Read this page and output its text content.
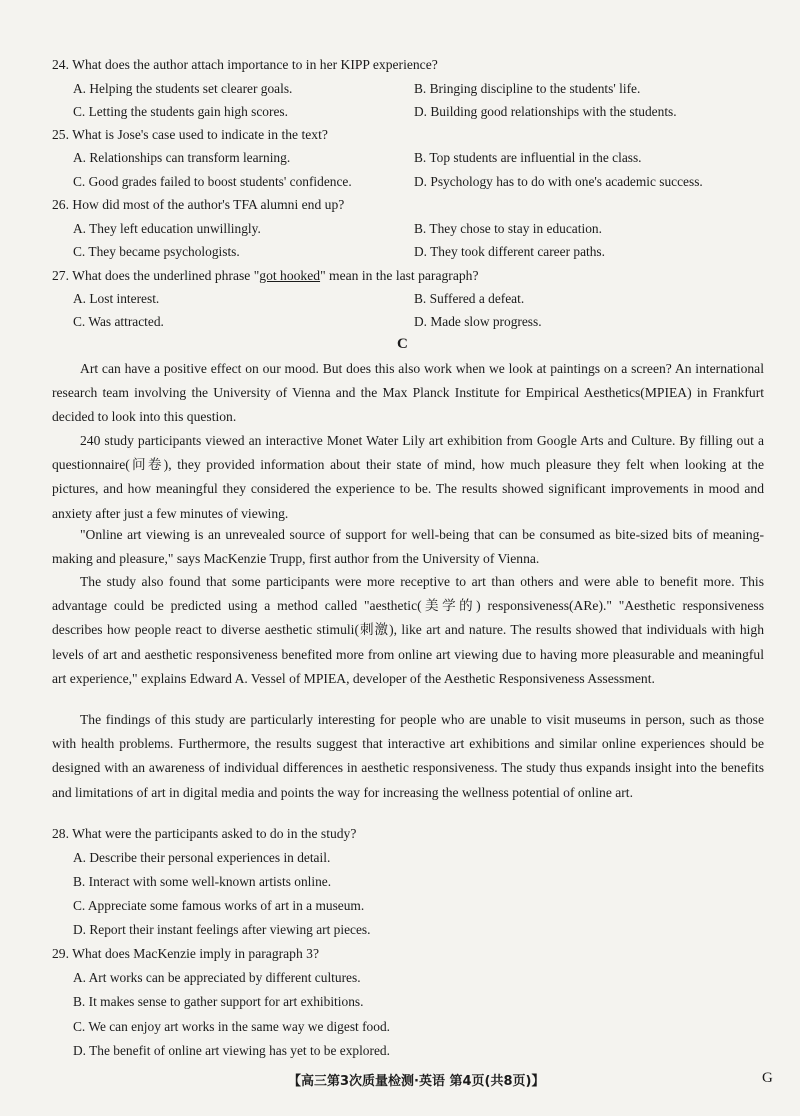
24. What does the author attach importance to in her KIPP experience?
A. Helping the students set clearer goals.	B. Bringing discipline to the students' life.
C. Letting the students gain high scores.	D. Building good relationships with the students.
25. What is Jose's case used to indicate in the text?
A. Relationships can transform learning.	B. Top students are influential in the class.
C. Good grades failed to boost students' confidence.	D. Psychology has to do with one's academic success.
26. How did most of the author's TFA alumni end up?
A. They left education unwillingly.	B. They chose to stay in education.
C. They became psychologists.	D. They took different career paths.
27. What does the underlined phrase "got hooked" mean in the last paragraph?
A. Lost interest.	B. Suffered a defeat.
C. Was attracted.	D. Made slow progress.
C
Art can have a positive effect on our mood. But does this also work when we look at paintings on a screen? An international research team involving the University of Vienna and the Max Planck Institute for Empirical Aesthetics(MPIEA) in Frankfurt decided to look into this question.
240 study participants viewed an interactive Monet Water Lily art exhibition from Google Arts and Culture. By filling out a questionnaire(问卷), they provided information about their state of mind, how much pleasure they felt when looking at the pictures, and how meaningful they considered the experience to be. The results showed significant improvements in mood and anxiety after just a few minutes of viewing.
"Online art viewing is an unrevealed source of support for well-being that can be consumed as bite-sized bits of meaning-making and pleasure," says MacKenzie Trupp, first author from the University of Vienna.
The study also found that some participants were more receptive to art than others and were able to benefit more. This advantage could be predicted using a method called "aesthetic(美学的) responsiveness(ARe)." "Aesthetic responsiveness describes how people react to diverse aesthetic stimuli(刺激), like art and nature. The results showed that individuals with high levels of art and aesthetic responsiveness benefited more from online art viewing due to having more pleasurable and meaningful art experience," explains Edward A. Vessel of MPIEA, developer of the Aesthetic Responsiveness Assessment.
The findings of this study are particularly interesting for people who are unable to visit museums in person, such as those with health problems. Furthermore, the results suggest that interactive art exhibitions and similar online experiences should be designed with an awareness of individual differences in aesthetic responsiveness. The study thus expands insight into the benefits and limitations of art in digital media and points the way for increasing the wellness potential of online art.
28. What were the participants asked to do in the study?
A. Describe their personal experiences in detail.
B. Interact with some well-known artists online.
C. Appreciate some famous works of art in a museum.
D. Report their instant feelings after viewing art pieces.
29. What does MacKenzie imply in paragraph 3?
A. Art works can be appreciated by different cultures.
B. It makes sense to gather support for art exhibitions.
C. We can enjoy art works in the same way we digest food.
D. The benefit of online art viewing has yet to be explored.
【高三第3次质量检测·英语 第4页(共8页)】	G
